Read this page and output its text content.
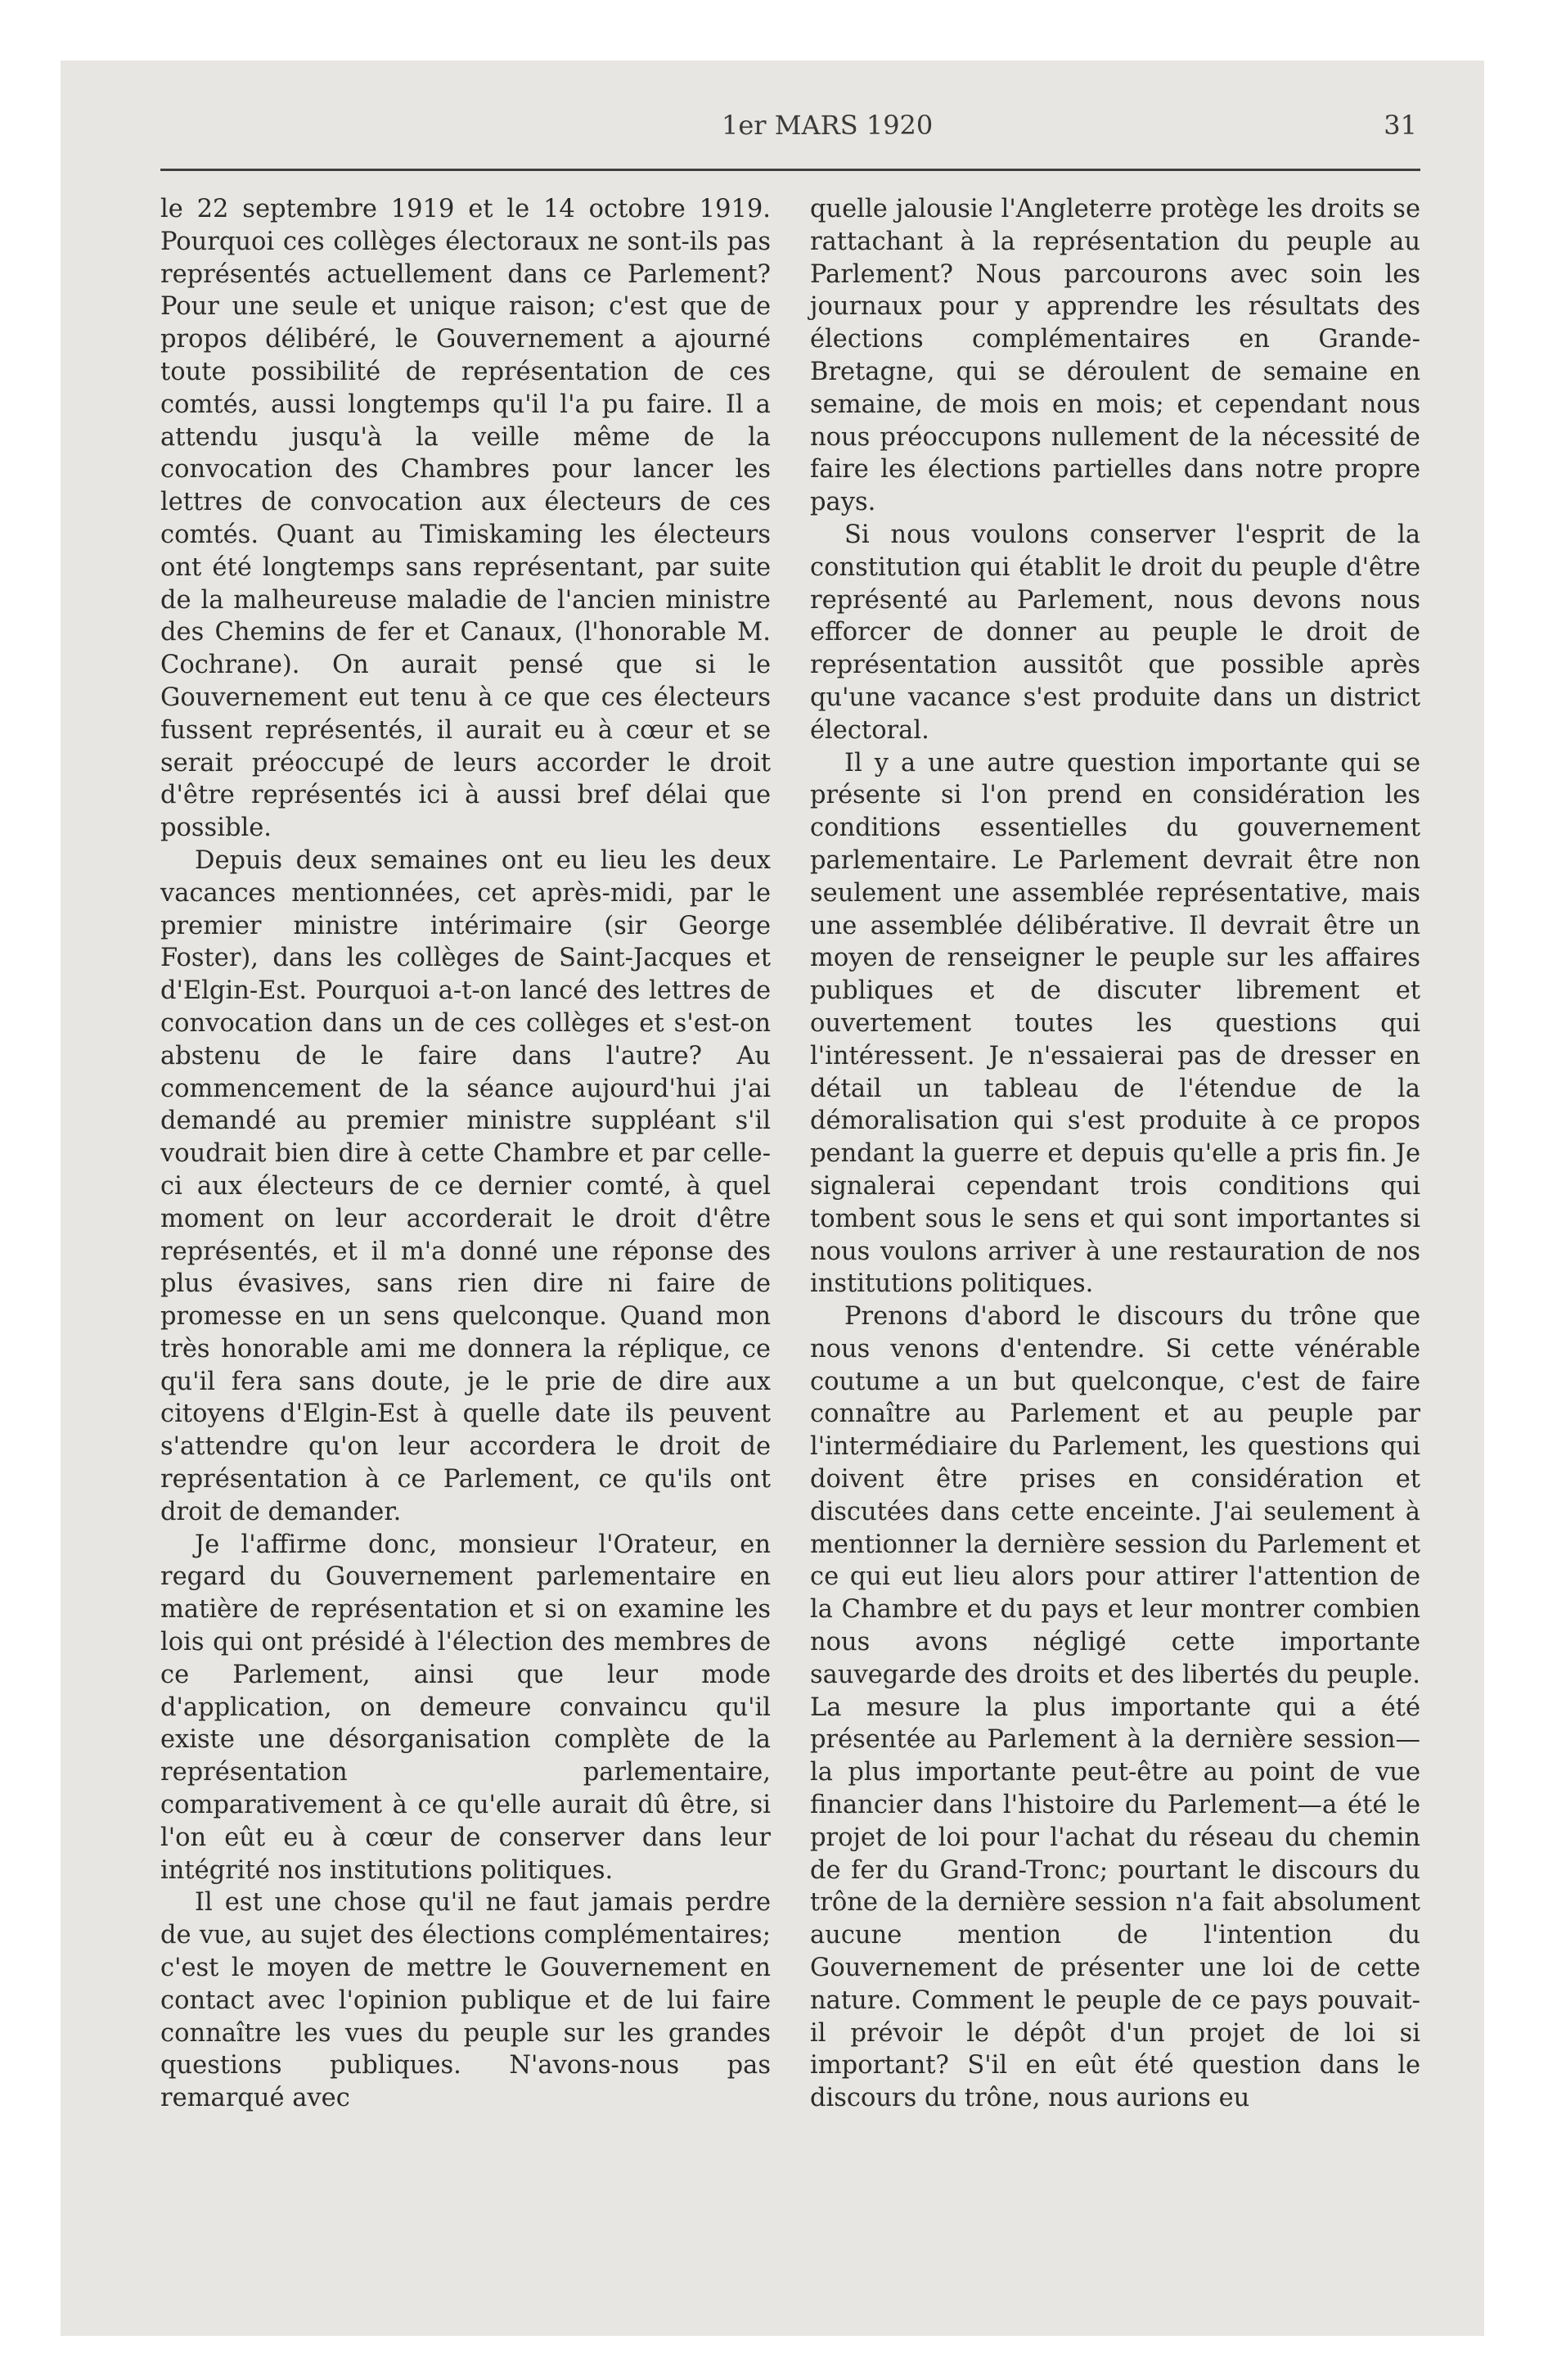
1er MARS 1920	31

le 22 septembre 1919 et le 14 octobre 1919. Pourquoi ces collèges électoraux ne sont-ils pas représentés actuellement dans ce Parlement? Pour une seule et unique raison; c'est que de propos délibéré, le Gouvernement a ajourné toute possibilité de représentation de ces comtés, aussi longtemps qu'il l'a pu faire. Il a attendu jusqu'à la veille même de la convocation des Chambres pour lancer les lettres de convocation aux électeurs de ces comtés. Quant au Timiskaming les électeurs ont été longtemps sans représentant, par suite de la malheureuse maladie de l'ancien ministre des Chemins de fer et Canaux, (l'honorable M. Cochrane). On aurait pensé que si le Gouvernement eut tenu à ce que ces électeurs fussent représentés, il aurait eu à cœur et se serait préoccupé de leurs accorder le droit d'être représentés ici à aussi bref délai que possible.

Depuis deux semaines ont eu lieu les deux vacances mentionnées, cet après-midi, par le premier ministre intérimaire (sir George Foster), dans les collèges de Saint-Jacques et d'Elgin-Est. Pourquoi a-t-on lancé des lettres de convocation dans un de ces collèges et s'est-on abstenu de le faire dans l'autre? Au commencement de la séance aujourd'hui j'ai demandé au premier ministre suppléant s'il voudrait bien dire à cette Chambre et par celle-ci aux électeurs de ce dernier comté, à quel moment on leur accorderait le droit d'être représentés, et il m'a donné une réponse des plus évasives, sans rien dire ni faire de promesse en un sens quelconque. Quand mon très honorable ami me donnera la réplique, ce qu'il fera sans doute, je le prie de dire aux citoyens d'Elgin-Est à quelle date ils peuvent s'attendre qu'on leur accordera le droit de représentation à ce Parlement, ce qu'ils ont droit de demander.

Je l'affirme donc, monsieur l'Orateur, en regard du Gouvernement parlementaire en matière de représentation et si on examine les lois qui ont présidé à l'élection des membres de ce Parlement, ainsi que leur mode d'application, on demeure convaincu qu'il existe une désorganisation complète de la représentation parlementaire, comparativement à ce qu'elle aurait dû être, si l'on eût eu à cœur de conserver dans leur intégrité nos institutions politiques.

Il est une chose qu'il ne faut jamais perdre de vue, au sujet des élections complémentaires; c'est le moyen de mettre le Gouvernement en contact avec l'opinion publique et de lui faire connaître les vues du peuple sur les grandes questions publiques. N'avons-nous pas remarqué avec

quelle jalousie l'Angleterre protège les droits se rattachant à la représentation du peuple au Parlement? Nous parcourons avec soin les journaux pour y apprendre les résultats des élections complémentaires en Grande-Bretagne, qui se déroulent de semaine en semaine, de mois en mois; et cependant nous nous préoccupons nullement de la nécessité de faire les élections partielles dans notre propre pays.

Si nous voulons conserver l'esprit de la constitution qui établit le droit du peuple d'être représenté au Parlement, nous devons nous efforcer de donner au peuple le droit de représentation aussitôt que possible après qu'une vacance s'est produite dans un district électoral.

Il y a une autre question importante qui se présente si l'on prend en considération les conditions essentielles du gouvernement parlementaire. Le Parlement devrait être non seulement une assemblée représentative, mais une assemblée délibérative. Il devrait être un moyen de renseigner le peuple sur les affaires publiques et de discuter librement et ouvertement toutes les questions qui l'intéressent. Je n'essaierai pas de dresser en détail un tableau de l'étendue de la démoralisation qui s'est produite à ce propos pendant la guerre et depuis qu'elle a pris fin. Je signalerai cependant trois conditions qui tombent sous le sens et qui sont importantes si nous voulons arriver à une restauration de nos institutions politiques.

Prenons d'abord le discours du trône que nous venons d'entendre. Si cette vénérable coutume a un but quelconque, c'est de faire connaître au Parlement et au peuple par l'intermédiaire du Parlement, les questions qui doivent être prises en considération et discutées dans cette enceinte. J'ai seulement à mentionner la dernière session du Parlement et ce qui eut lieu alors pour attirer l'attention de la Chambre et du pays et leur montrer combien nous avons négligé cette importante sauvegarde des droits et des libertés du peuple. La mesure la plus importante qui a été présentée au Parlement à la dernière session—la plus importante peut-être au point de vue financier dans l'histoire du Parlement—a été le projet de loi pour l'achat du réseau du chemin de fer du Grand-Tronc; pourtant le discours du trône de la dernière session n'a fait absolument aucune mention de l'intention du Gouvernement de présenter une loi de cette nature. Comment le peuple de ce pays pouvait-il prévoir le dépôt d'un projet de loi si important? S'il en eût été question dans le discours du trône, nous aurions eu
